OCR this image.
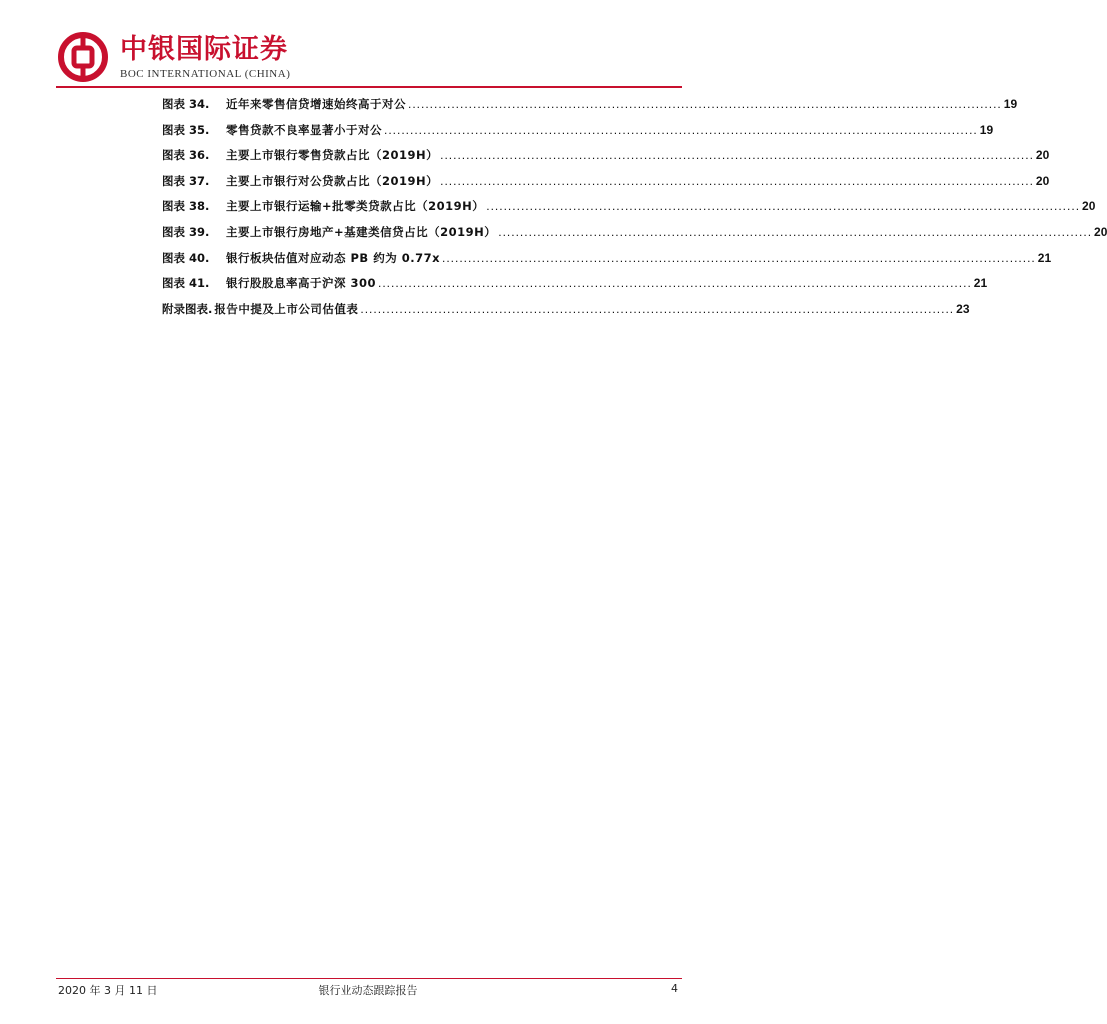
中银国际证券
BOC INTERNATIONAL (CHINA)
图表 34.	近年来零售信贷增速始终高于对公 ......................................................................................................................................... 19
图表 35.	零售贷款不良率显著小于对公 ......................................................................................................................................... 19
图表 36.	主要上市银行零售贷款占比（2019H） ......................................................................................................................................... 20
图表 37.	主要上市银行对公贷款占比（2019H） ......................................................................................................................................... 20
图表 38.	主要上市银行运输+批零类贷款占比（2019H） ......................................................................................................................................... 20
图表 39.	主要上市银行房地产+基建类信贷占比（2019H） ......................................................................................................................................... 20
图表 40.	银行板块估值对应动态 PB 约为 0.77x ......................................................................................................................................... 21
图表 41.	银行股股息率高于沪深 300 ......................................................................................................................................... 21
附录图表. 报告中提及上市公司估值表 ......................................................................................................................................... 23
2020 年 3 月 11 日	银行业动态跟踪报告	4
